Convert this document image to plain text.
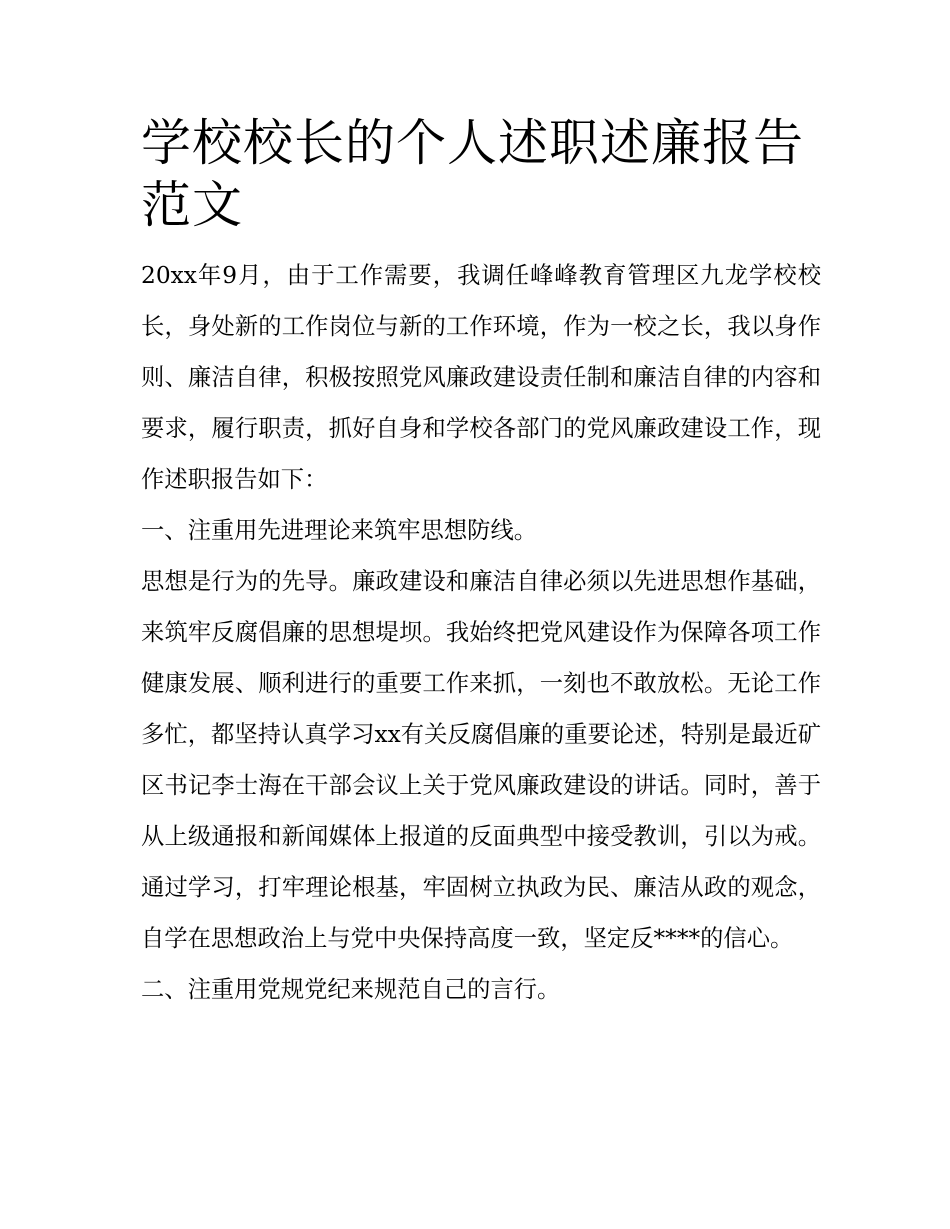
学校校长的个人述职述廉报告范文

20xx年9月，由于工作需要，我调任峰峰教育管理区九龙学校校长，身处新的工作岗位与新的工作环境，作为一校之长，我以身作则、廉洁自律，积极按照党风廉政建设责任制和廉洁自律的内容和要求，履行职责，抓好自身和学校各部门的党风廉政建设工作，现作述职报告如下：

一、注重用先进理论来筑牢思想防线。

思想是行为的先导。廉政建设和廉洁自律必须以先进思想作基础，来筑牢反腐倡廉的思想堤坝。我始终把党风建设作为保障各项工作健康发展、顺利进行的重要工作来抓，一刻也不敢放松。无论工作多忙，都坚持认真学习xx有关反腐倡廉的重要论述，特别是最近矿区书记李士海在干部会议上关于党风廉政建设的讲话。同时，善于从上级通报和新闻媒体上报道的反面典型中接受教训，引以为戒。通过学习，打牢理论根基，牢固树立执政为民、廉洁从政的观念，自学在思想政治上与党中央保持高度一致，坚定反****的信心。

二、注重用党规党纪来规范自己的言行。
